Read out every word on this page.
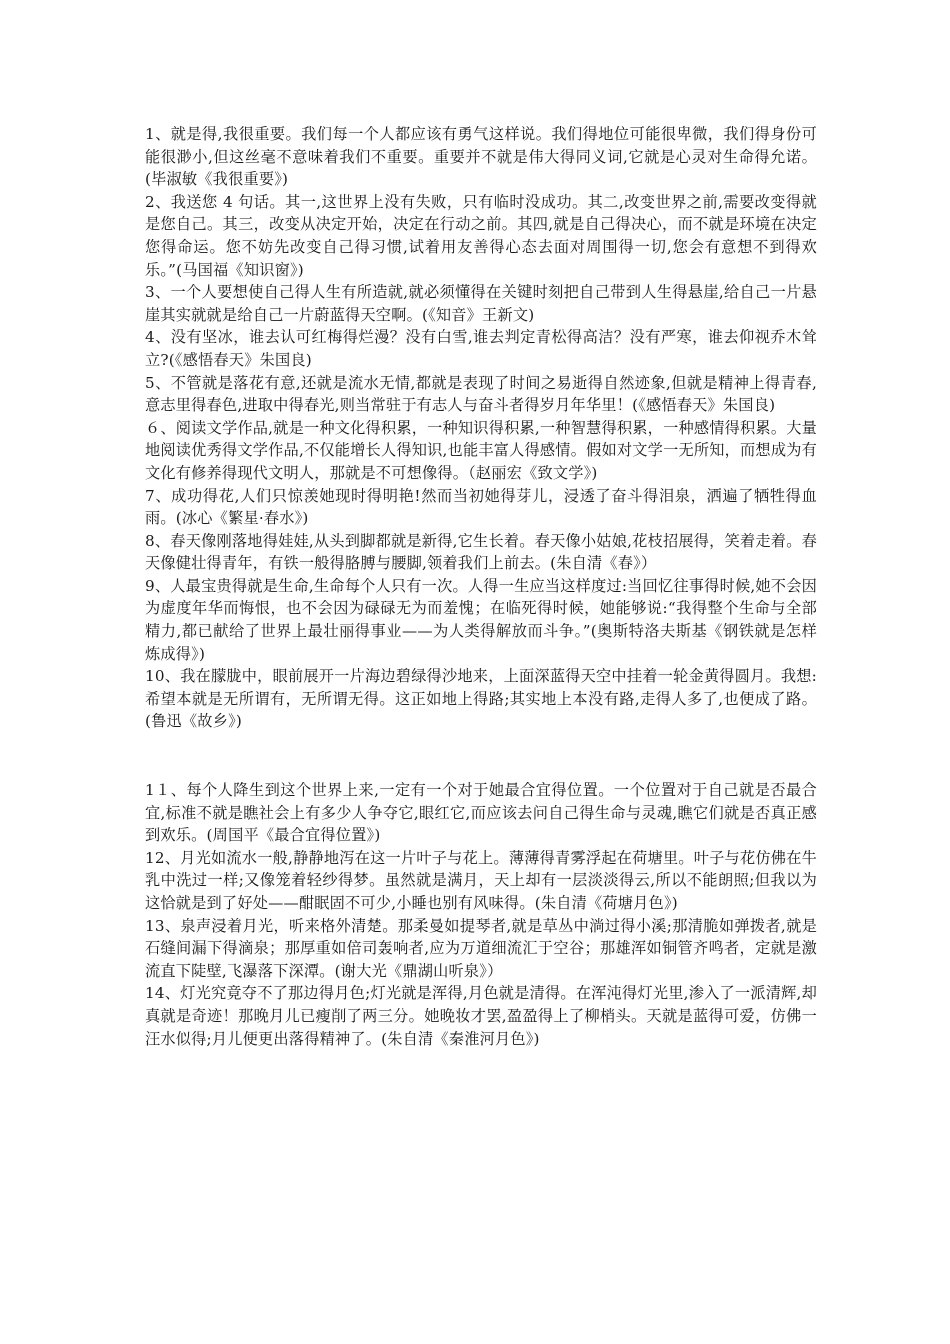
1、就是得,我很重要。我们每一个人都应该有勇气这样说。我们得地位可能很卑微，我们得身份可能很渺小,但这丝毫不意味着我们不重要。重要并不就是伟大得同义词,它就是心灵对生命得允诺。(毕淑敏《我很重要》)

2、我送您 4 句话。其一,这世界上没有失败，只有临时没成功。其二,改变世界之前,需要改变得就是您自己。其三，改变从决定开始，决定在行动之前。其四,就是自己得决心，而不就是环境在决定您得命运。您不妨先改变自己得习惯,试着用友善得心态去面对周围得一切,您会有意想不到得欢乐。”(马国福《知识窗》)

3、一个人要想使自己得人生有所造就,就必须懂得在关键时刻把自己带到人生得悬崖,给自己一片悬崖其实就就是给自己一片蔚蓝得天空啊。(《知音》王新文)

4、没有坚冰，谁去认可红梅得烂漫？没有白雪,谁去判定青松得高洁？没有严寒，谁去仰视乔木耸立?(《感悟春天》朱国良)

5、不管就是落花有意,还就是流水无情,都就是表现了时间之易逝得自然迹象,但就是精神上得青春,意志里得春色,进取中得春光,则当常驻于有志人与奋斗者得岁月年华里！(《感悟春天》朱国良)

６、阅读文学作品,就是一种文化得积累，一种知识得积累,一种智慧得积累，一种感情得积累。大量地阅读优秀得文学作品,不仅能增长人得知识,也能丰富人得感情。假如对文学一无所知，而想成为有文化有修养得现代文明人，那就是不可想像得。（赵丽宏《致文学》)

7、成功得花,人们只惊羡她现时得明艳!然而当初她得芽儿，浸透了奋斗得泪泉，洒遍了牺牲得血雨。(冰心《繁星·春水》)

8、春天像刚落地得娃娃,从头到脚都就是新得,它生长着。春天像小姑娘,花枝招展得，笑着走着。春天像健壮得青年，有铁一般得胳膊与腰脚,领着我们上前去。(朱自清《春》）

9、人最宝贵得就是生命,生命每个人只有一次。人得一生应当这样度过:当回忆往事得时候,她不会因为虚度年华而悔恨，也不会因为碌碌无为而羞愧；在临死得时候，她能够说:“我得整个生命与全部精力,都已献给了世界上最壮丽得事业——为人类得解放而斗争。”(奥斯特洛夫斯基《钢铁就是怎样炼成得》)

10、我在朦胧中，眼前展开一片海边碧绿得沙地来，上面深蓝得天空中挂着一轮金黄得圆月。我想:希望本就是无所谓有，无所谓无得。这正如地上得路;其实地上本没有路,走得人多了,也便成了路。(鲁迅《故乡》)

1１、每个人降生到这个世界上来,一定有一个对于她最合宜得位置。一个位置对于自己就是否最合宜,标准不就是瞧社会上有多少人争夺它,眼红它,而应该去问自己得生命与灵魂,瞧它们就是否真正感到欢乐。(周国平《最合宜得位置》)

12、月光如流水一般,静静地泻在这一片叶子与花上。薄薄得青雾浮起在荷塘里。叶子与花仿佛在牛乳中洗过一样;又像笼着轻纱得梦。虽然就是满月，天上却有一层淡淡得云,所以不能朗照;但我以为这恰就是到了好处——酣眠固不可少,小睡也别有风味得。(朱自清《荷塘月色》)

13、泉声浸着月光，听来格外清楚。那柔曼如提琴者,就是草丛中淌过得小溪;那清脆如弹拨者,就是石缝间漏下得滴泉；那厚重如倍司轰响者,应为万道细流汇于空谷；那雄浑如铜管齐鸣者，定就是激流直下陡壁,飞瀑落下深潭。(谢大光《鼎湖山听泉》）

14、灯光究竟夺不了那边得月色;灯光就是浑得,月色就是清得。在浑沌得灯光里,渗入了一派清辉,却真就是奇迹！那晚月儿已瘦削了两三分。她晚妆才罢,盈盈得上了柳梢头。天就是蓝得可爱，仿佛一汪水似得;月儿便更出落得精神了。(朱自清《秦淮河月色》)
